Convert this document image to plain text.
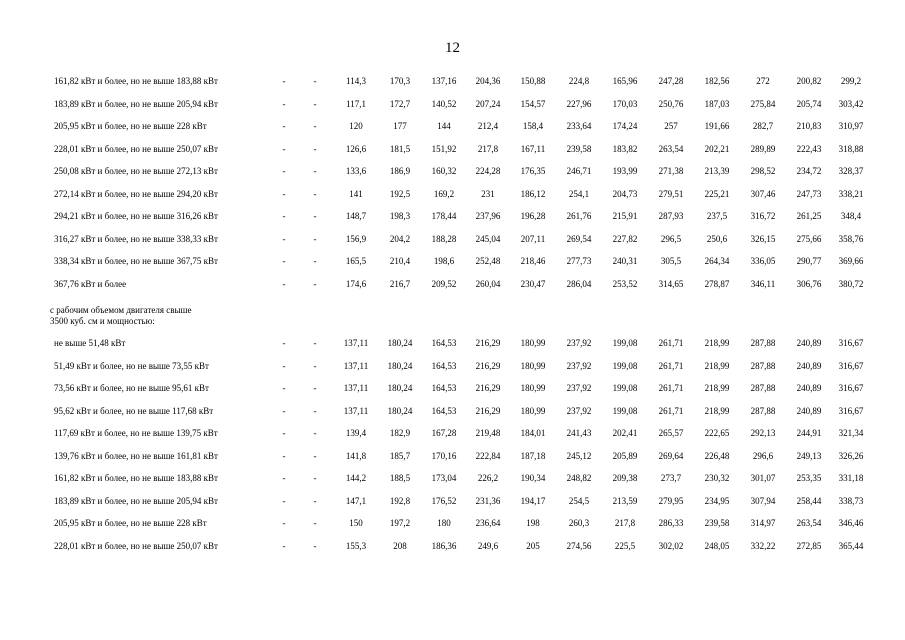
12
161,82 кВт и более, но не выше 183,88 кВт	-	-	114,3	170,3	137,16	204,36	150,88	224,8	165,96	247,28	182,56	272	200,82	299,2
183,89 кВт и более, но не выше 205,94 кВт	-	-	117,1	172,7	140,52	207,24	154,57	227,96	170,03	250,76	187,03	275,84	205,74	303,42
205,95 кВт и более, но не выше 228 кВт	-	-	120	177	144	212,4	158,4	233,64	174,24	257	191,66	282,7	210,83	310,97
228,01 кВт и более, но не выше 250,07 кВт	-	-	126,6	181,5	151,92	217,8	167,11	239,58	183,82	263,54	202,21	289,89	222,43	318,88
250,08 кВт и более, но не выше 272,13 кВт	-	-	133,6	186,9	160,32	224,28	176,35	246,71	193,99	271,38	213,39	298,52	234,72	328,37
272,14 кВт и более, но не выше 294,20 кВт	-	-	141	192,5	169,2	231	186,12	254,1	204,73	279,51	225,21	307,46	247,73	338,21
294,21 кВт и более, но не выше 316,26 кВт	-	-	148,7	198,3	178,44	237,96	196,28	261,76	215,91	287,93	237,5	316,72	261,25	348,4
316,27 кВт и более, но не выше 338,33 кВт	-	-	156,9	204,2	188,28	245,04	207,11	269,54	227,82	296,5	250,6	326,15	275,66	358,76
338,34 кВт и более, но не выше 367,75 кВт	-	-	165,5	210,4	198,6	252,48	218,46	277,73	240,31	305,5	264,34	336,05	290,77	369,66
367,76 кВт и более	-	-	174,6	216,7	209,52	260,04	230,47	286,04	253,52	314,65	278,87	346,11	306,76	380,72

с рабочим объемом двигателя свыше
3500 куб. см и мощностью:														

не выше 51,48 кВт	-	-	137,11	180,24	164,53	216,29	180,99	237,92	199,08	261,71	218,99	287,88	240,89	316,67
51,49 кВт и более, но не выше 73,55 кВт	-	-	137,11	180,24	164,53	216,29	180,99	237,92	199,08	261,71	218,99	287,88	240,89	316,67
73,56 кВт и более, но не выше 95,61 кВт	-	-	137,11	180,24	164,53	216,29	180,99	237,92	199,08	261,71	218,99	287,88	240,89	316,67
95,62 кВт и более, но не выше 117,68 кВт	-	-	137,11	180,24	164,53	216,29	180,99	237,92	199,08	261,71	218,99	287,88	240,89	316,67
117,69 кВт и более, но не выше 139,75 кВт	-	-	139,4	182,9	167,28	219,48	184,01	241,43	202,41	265,57	222,65	292,13	244,91	321,34
139,76 кВт и более, но не выше 161,81 кВт	-	-	141,8	185,7	170,16	222,84	187,18	245,12	205,89	269,64	226,48	296,6	249,13	326,26
161,82 кВт и более, но не выше 183,88 кВт	-	-	144,2	188,5	173,04	226,2	190,34	248,82	209,38	273,7	230,32	301,07	253,35	331,18
183,89 кВт и более, но не выше 205,94 кВт	-	-	147,1	192,8	176,52	231,36	194,17	254,5	213,59	279,95	234,95	307,94	258,44	338,73
205,95 кВт и более, но не выше 228 кВт	-	-	150	197,2	180	236,64	198	260,3	217,8	286,33	239,58	314,97	263,54	346,46
228,01 кВт и более, но не выше 250,07 кВт	-	-	155,3	208	186,36	249,6	205	274,56	225,5	302,02	248,05	332,22	272,85	365,44
